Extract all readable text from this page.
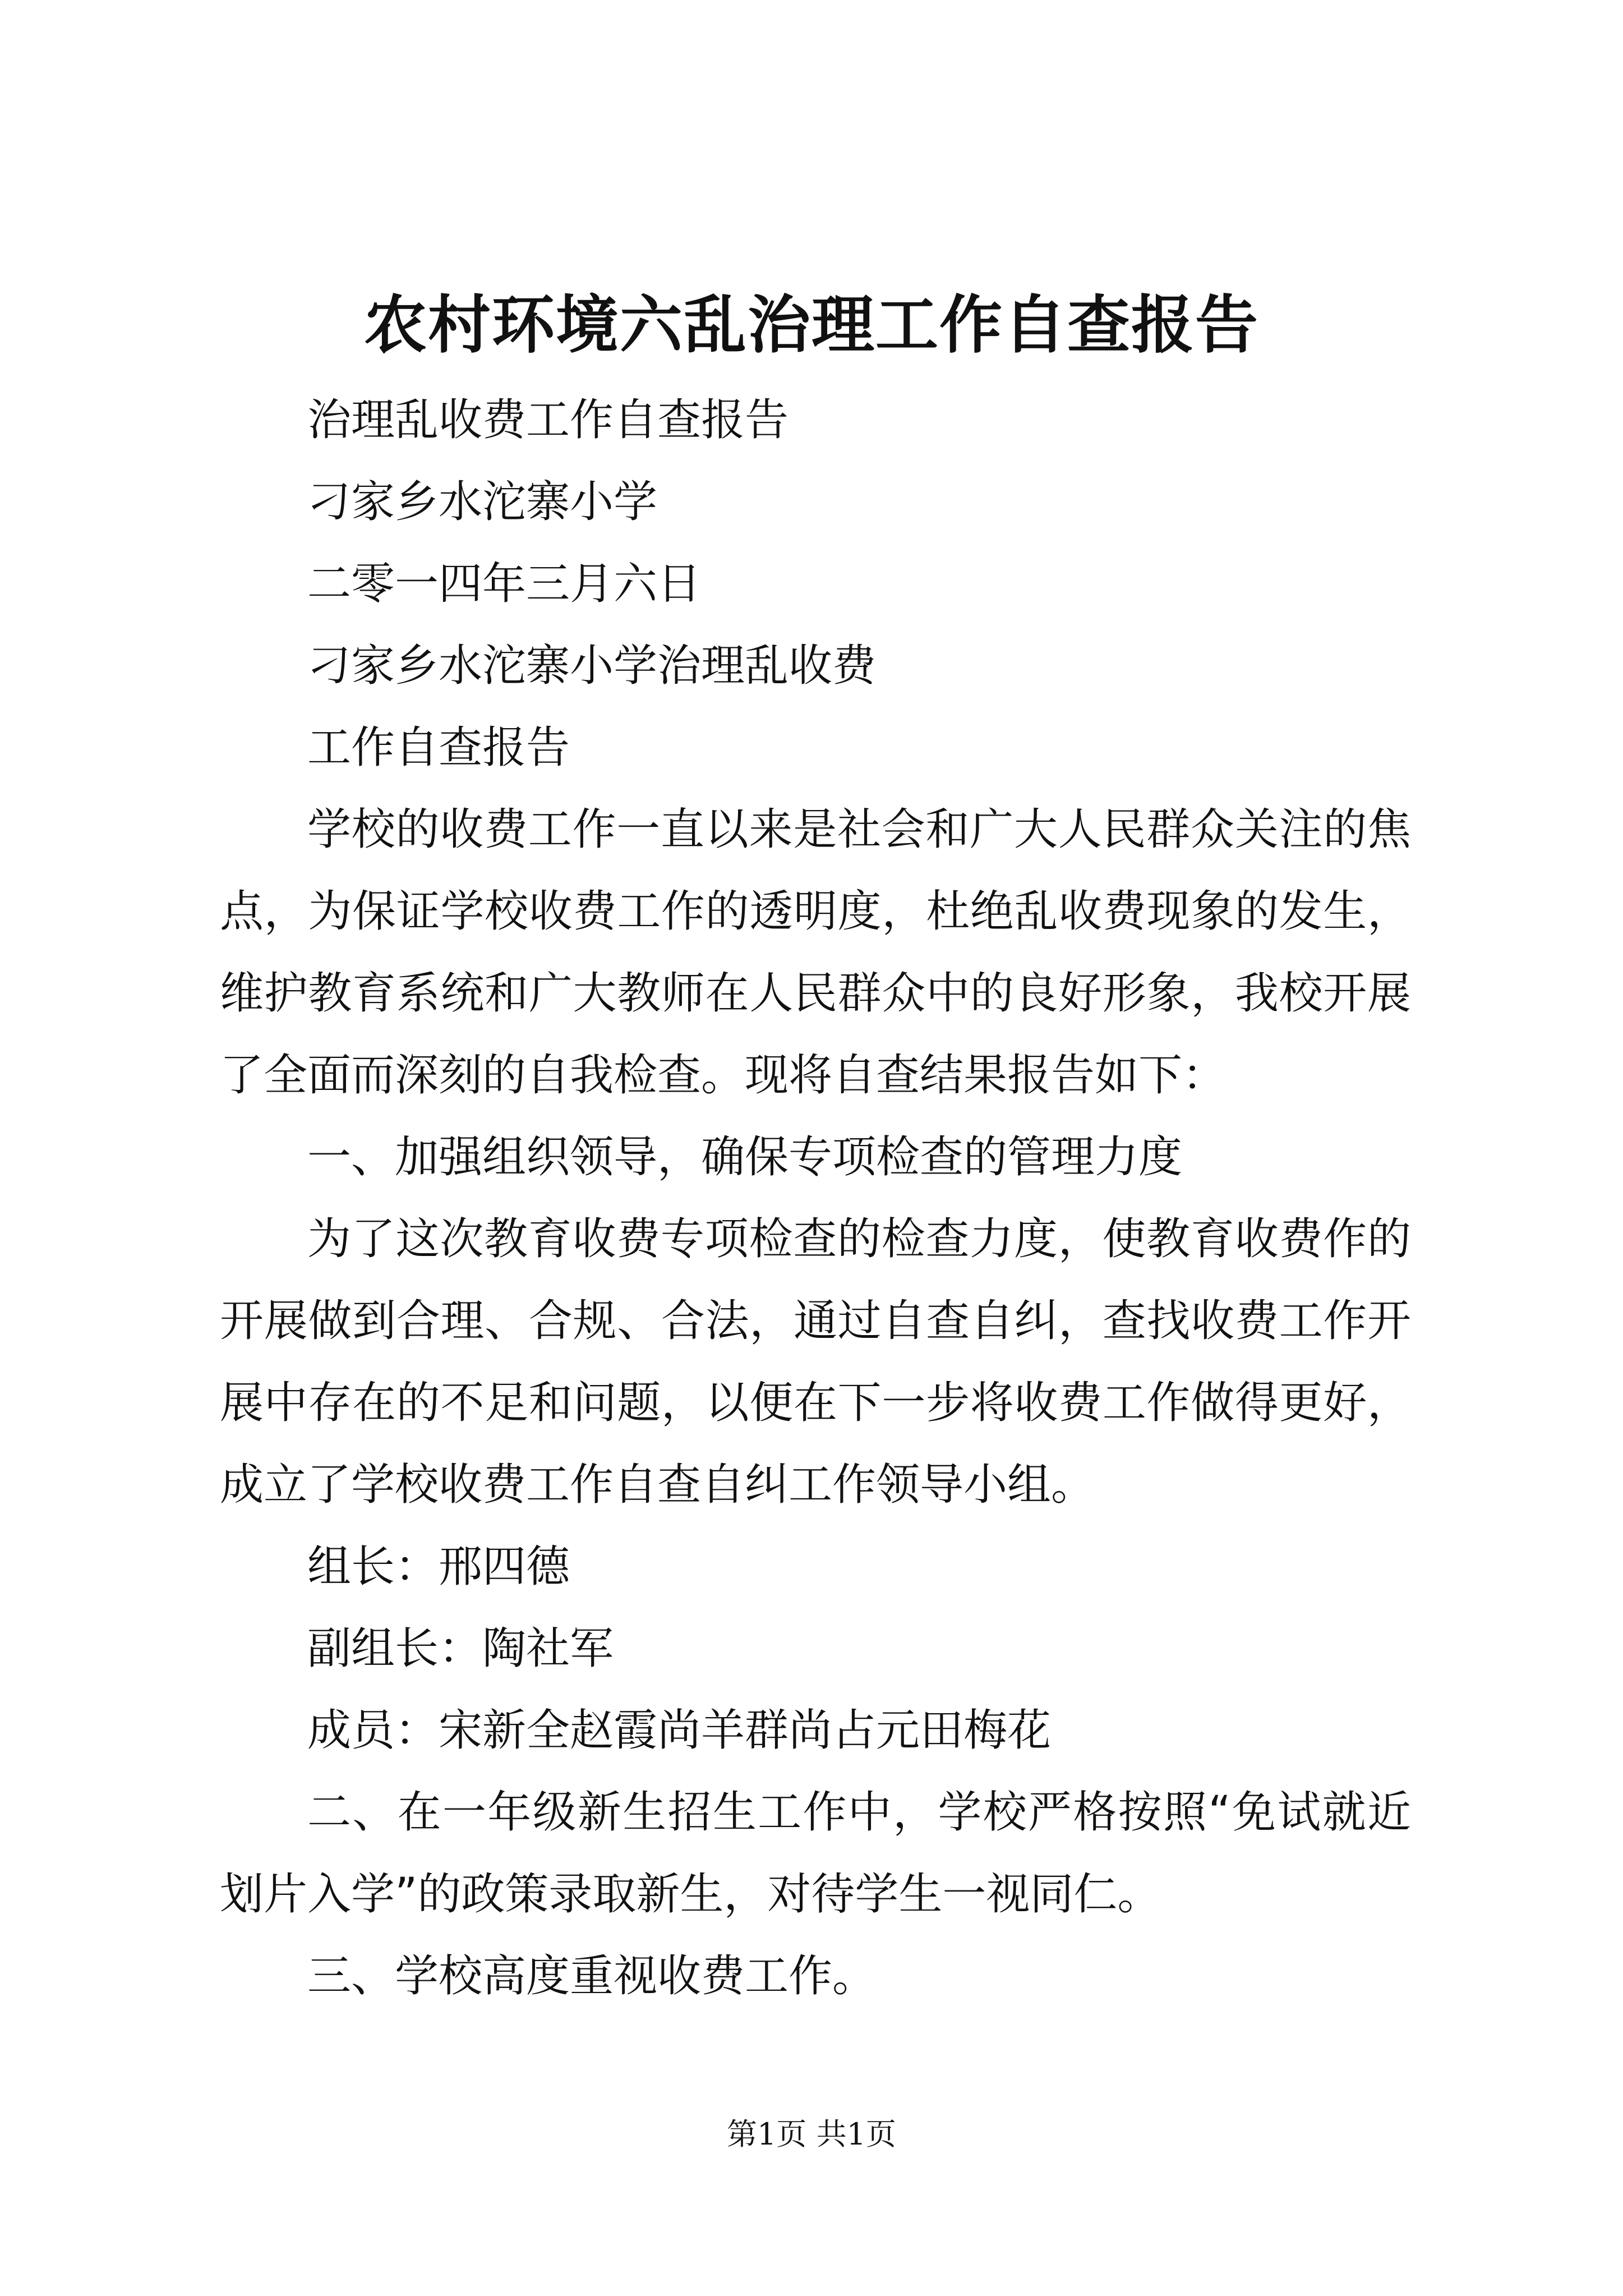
农村环境六乱治理工作自查报告
治理乱收费工作自查报告
刁家乡水沱寨小学
二零一四年三月六日
刁家乡水沱寨小学治理乱收费
工作自查报告
学校的收费工作一直以来是社会和广大人民群众关注的焦点，为保证学校收费工作的透明度，杜绝乱收费现象的发生，维护教育系统和广大教师在人民群众中的良好形象，我校开展了全面而深刻的自我检查。现将自查结果报告如下：
一、加强组织领导，确保专项检查的管理力度
为了这次教育收费专项检查的检查力度，使教育收费作的开展做到合理、合规、合法，通过自查自纠，查找收费工作开展中存在的不足和问题，以便在下一步将收费工作做得更好，成立了学校收费工作自查自纠工作领导小组。
组长：邢四德
副组长：陶社军
成员：宋新全赵霞尚羊群尚占元田梅花
二、在一年级新生招生工作中，学校严格按照“免试就近划片入学”的政策录取新生，对待学生一视同仁。
三、学校高度重视收费工作。
第1页 共1页
